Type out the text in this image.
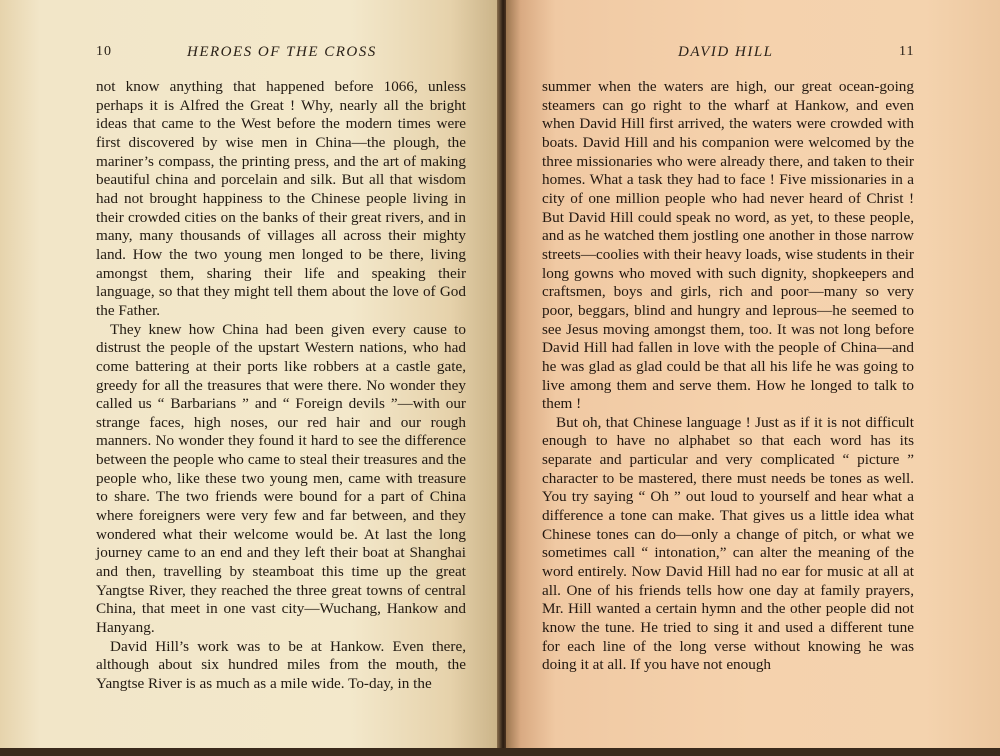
10	HEROES OF THE CROSS

not know anything that happened before 1066, unless perhaps it is Alfred the Great ! Why, nearly all the bright ideas that came to the West before the modern times were first discovered by wise men in China—the plough, the mariner’s compass, the printing press, and the art of making beautiful china and porcelain and silk. But all that wisdom had not brought happiness to the Chinese people living in their crowded cities on the banks of their great rivers, and in many, many thousands of villages all across their mighty land. How the two young men longed to be there, living amongst them, sharing their life and speaking their language, so that they might tell them about the love of God the Father.

They knew how China had been given every cause to distrust the people of the upstart Western nations, who had come battering at their ports like robbers at a castle gate, greedy for all the treasures that were there. No wonder they called us “ Barbarians ” and “ Foreign devils ”—with our strange faces, high noses, our red hair and our rough manners. No wonder they found it hard to see the difference between the people who came to steal their treasures and the people who, like these two young men, came with treasure to share. The two friends were bound for a part of China where foreigners were very few and far between, and they wondered what their welcome would be. At last the long journey came to an end and they left their boat at Shanghai and then, travelling by steamboat this time up the great Yangtse River, they reached the three great towns of central China, that meet in one vast city—Wuchang, Hankow and Hanyang.

David Hill’s work was to be at Hankow. Even there, although about six hundred miles from the mouth, the Yangtse River is as much as a mile wide. To-day, in the

DAVID HILL	11

summer when the waters are high, our great ocean-going steamers can go right to the wharf at Hankow, and even when David Hill first arrived, the waters were crowded with boats. David Hill and his companion were welcomed by the three missionaries who were already there, and taken to their homes. What a task they had to face ! Five missionaries in a city of one million people who had never heard of Christ ! But David Hill could speak no word, as yet, to these people, and as he watched them jostling one another in those narrow streets—coolies with their heavy loads, wise students in their long gowns who moved with such dignity, shopkeepers and craftsmen, boys and girls, rich and poor—many so very poor, beggars, blind and hungry and leprous—he seemed to see Jesus moving amongst them, too. It was not long before David Hill had fallen in love with the people of China—and he was glad as glad could be that all his life he was going to live among them and serve them. How he longed to talk to them !

But oh, that Chinese language ! Just as if it is not difficult enough to have no alphabet so that each word has its separate and particular and very complicated “ picture ” character to be mastered, there must needs be tones as well. You try saying “ Oh ” out loud to yourself and hear what a difference a tone can make. That gives us a little idea what Chinese tones can do—only a change of pitch, or what we sometimes call “ intonation,” can alter the meaning of the word entirely. Now David Hill had no ear for music at all at all. One of his friends tells how one day at family prayers, Mr. Hill wanted a certain hymn and the other people did not know the tune. He tried to sing it and used a different tune for each line of the long verse without knowing he was doing it at all. If you have not enough
